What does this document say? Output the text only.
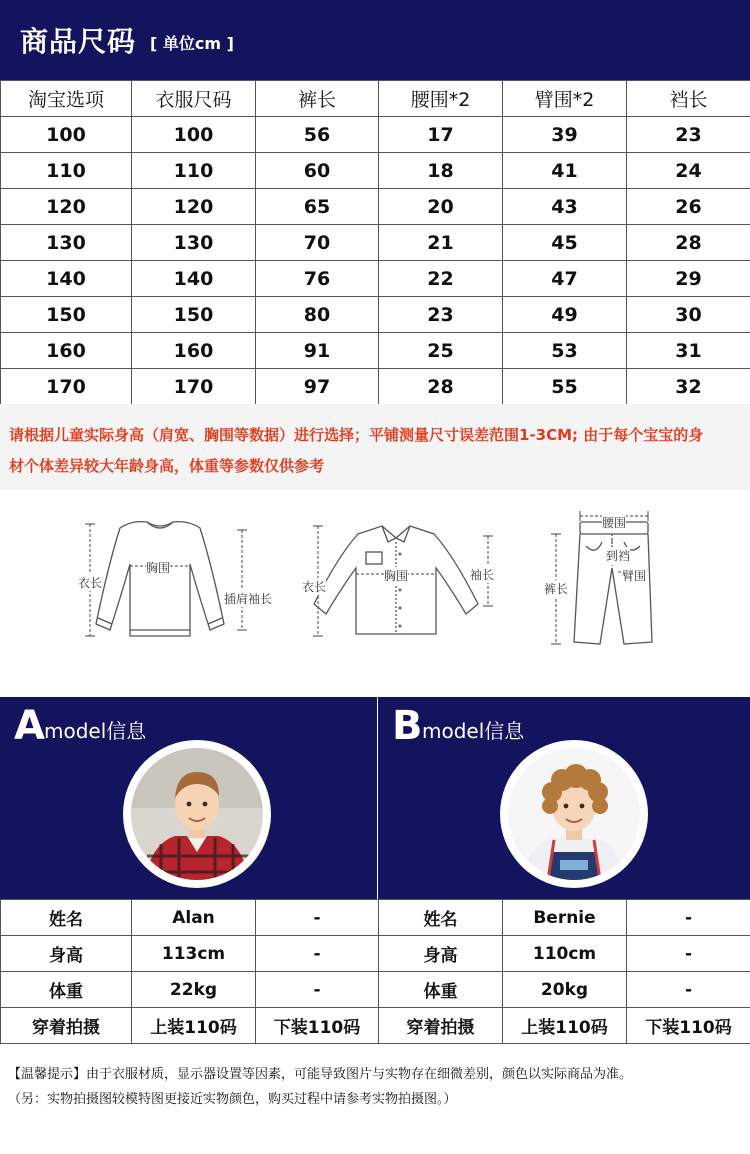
商品尺码 [ 单位cm ]
淘宝选项	衣服尺码	裤长	腰围*2	臂围*2	裆长
100	100	56	17	39	23
110	110	60	18	41	24
120	120	65	20	43	26
130	130	70	21	45	28
140	140	76	22	47	29
150	150	80	23	49	30
160	160	91	25	53	31
170	170	97	28	55	32
请根据儿童实际身高（肩宽、胸围等数据）进行选择；平铺测量尺寸误差范围1-3CM; 由于每个宝宝的身
材个体差异较大年龄身高，体重等参数仅供参考
衣长
胸围
插肩袖长
衣长
胸围	袖长
腰围
到裆
臂围
裤长
A model信息	B model信息
姓名	Alan	-	姓名	Bernie	-
身高	113cm	-	身高	110cm	-
体重	22kg	-	体重	20kg	-
穿着拍摄	上装110码	下装110码	穿着拍摄	上装110码	下装110码
【温馨提示】由于衣服材质，显示器设置等因素，可能导致图片与实物存在细微差别，颜色以实际商品为准。
（另：实物拍摄图较模特图更接近实物颜色，购买过程中请参考实物拍摄图。）
